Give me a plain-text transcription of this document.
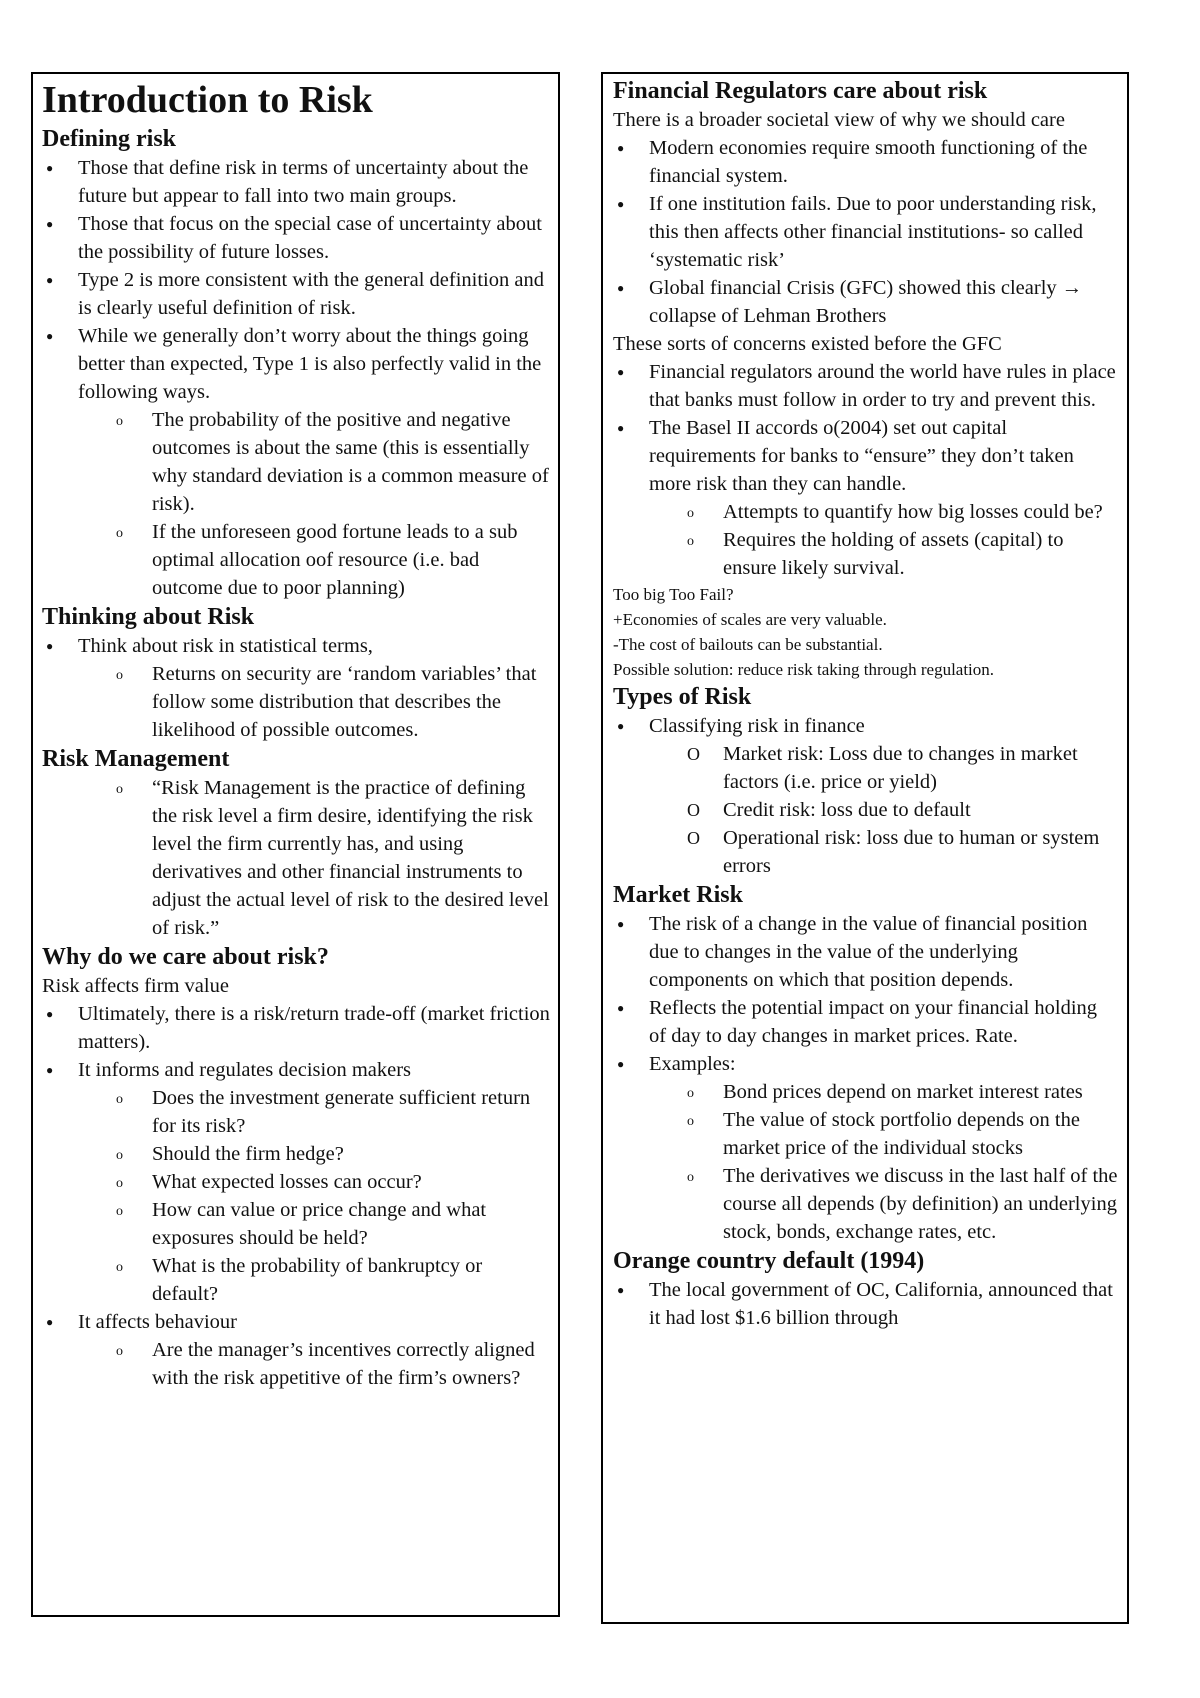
Introduction to Risk
Defining risk
● Those that define risk in terms of uncertainty about the future but appear to fall into two main groups.
● Those that focus on the special case of uncertainty about the possibility of future losses.
● Type 2 is more consistent with the general definition and is clearly useful definition of risk.
● While we generally don’t worry about the things going better than expected, Type 1 is also perfectly valid in the following ways.
o The probability of the positive and negative outcomes is about the same (this is essentially why standard deviation is a common measure of risk).
o If the unforeseen good fortune leads to a sub optimal allocation oof resource (i.e. bad outcome due to poor planning)
Thinking about Risk
● Think about risk in statistical terms,
o Returns on security are ‘random variables’ that follow some distribution that describes the likelihood of possible outcomes.
Risk Management
o “Risk Management is the practice of defining the risk level a firm desire, identifying the risk level the firm currently has, and using derivatives and other financial instruments to adjust the actual level of risk to the desired level of risk.”
Why do we care about risk?

Risk affects firm value

● Ultimately, there is a risk/return trade-off (market friction matters).
● It informs and regulates decision makers
o Does the investment generate sufficient return for its risk?
o Should the firm hedge?
o What expected losses can occur?
o How can value or price change and what exposures should be held?
o What is the probability of bankruptcy or default?
● It affects behaviour
o Are the manager’s incentives correctly aligned with the risk appetitive of the firm’s owners?
Financial Regulators care about risk

There is a broader societal view of why we should care

● Modern economies require smooth functioning of the financial system.
● If one institution fails. Due to poor understanding risk, this then affects other financial institutions- so called ‘systematic risk’
● Global financial Crisis (GFC) showed this clearly → collapse of Lehman Brothers

These sorts of concerns existed before the GFC

● Financial regulators around the world have rules in place that banks must follow in order to try and prevent this.
● The Basel II accords o(2004) set out capital requirements for banks to “ensure” they don’t taken more risk than they can handle.
o Attempts to quantify how big losses could be?
o Requires the holding of assets (capital) to ensure likely survival.

Too big Too Fail?

+Economies of scales are very valuable.

-The cost of bailouts can be substantial.

Possible solution: reduce risk taking through regulation.

Types of Risk
● Classifying risk in finance
O Market risk: Loss due to changes in market factors (i.e. price or yield)
O Credit risk: loss due to default
O Operational risk: loss due to human or system errors
Market Risk
● The risk of a change in the value of financial position due to changes in the value of the underlying components on which that position depends.
● Reflects the potential impact on your financial holding of day to day changes in market prices. Rate.
● Examples:
o Bond prices depend on market interest rates
o The value of stock portfolio depends on the market price of the individual stocks
o The derivatives we discuss in the last half of the course all depends (by definition) an underlying stock, bonds, exchange rates, etc.
Orange country default (1994)
● The local government of OC, California, announced that it had lost $1.6 billion through
